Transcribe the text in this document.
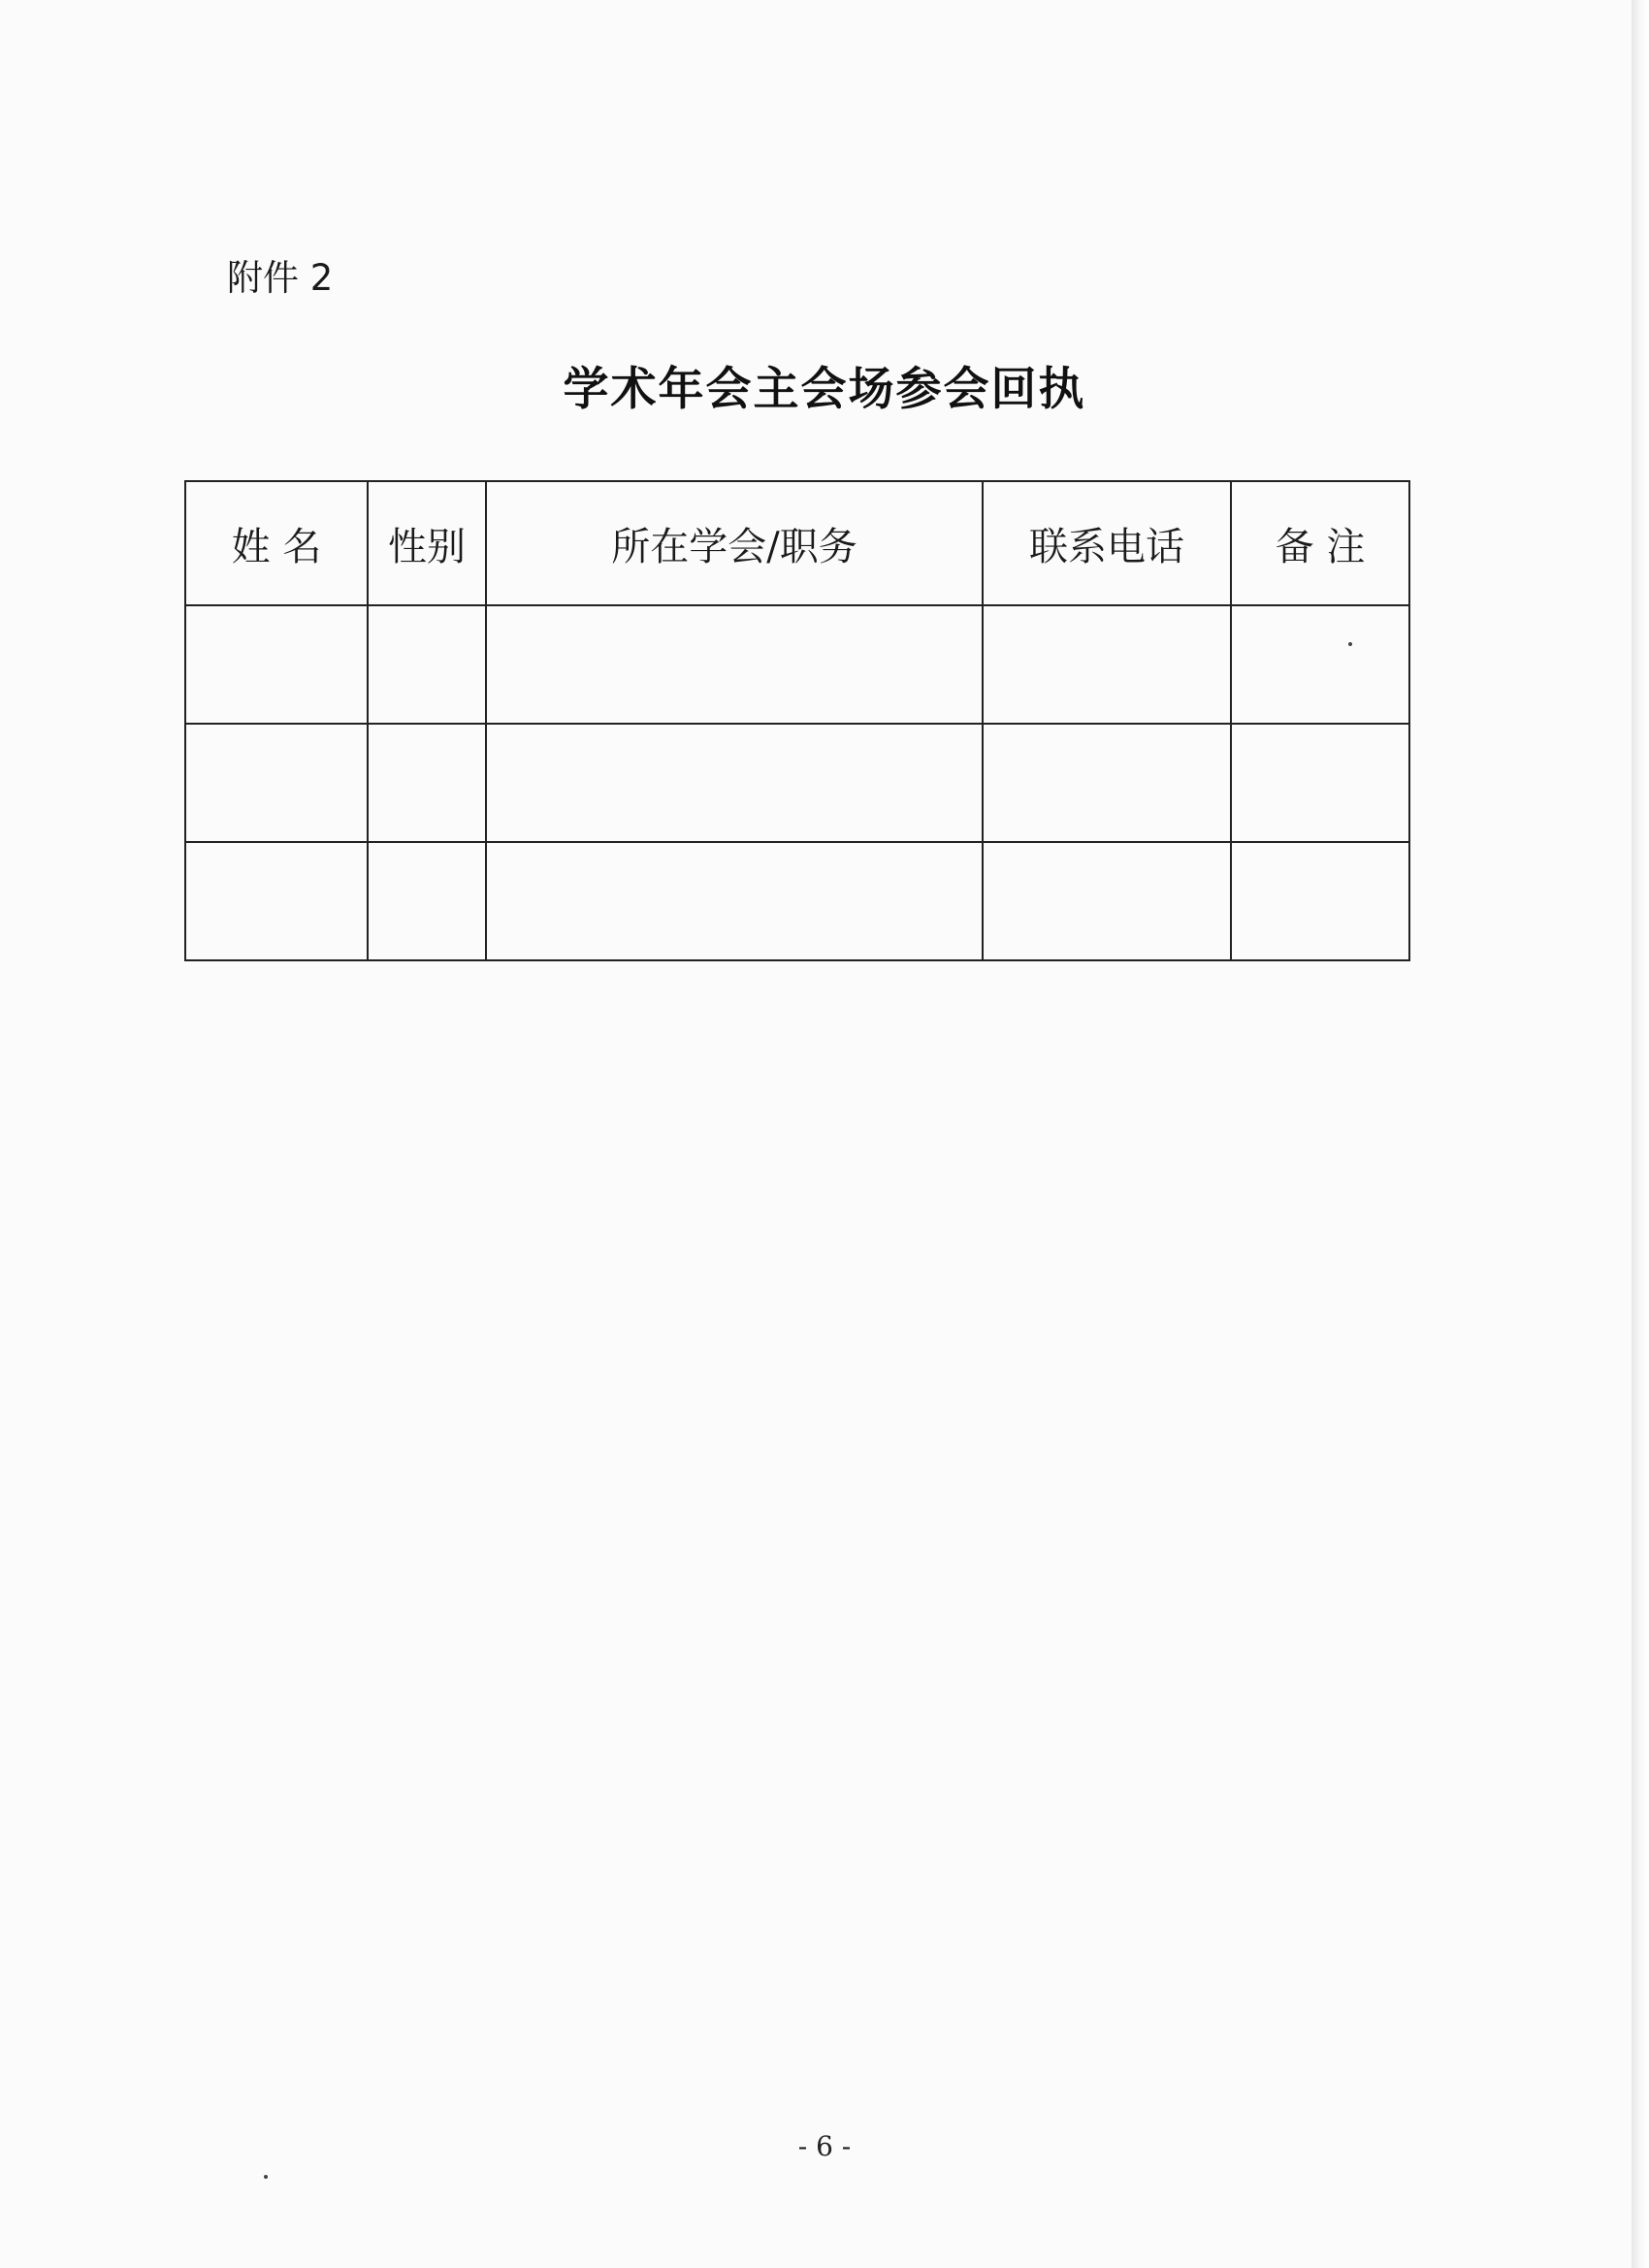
附件 2
学术年会主会场参会回执
姓 名	性别	所在学会/职务	联系电话	备 注

- 6 -
